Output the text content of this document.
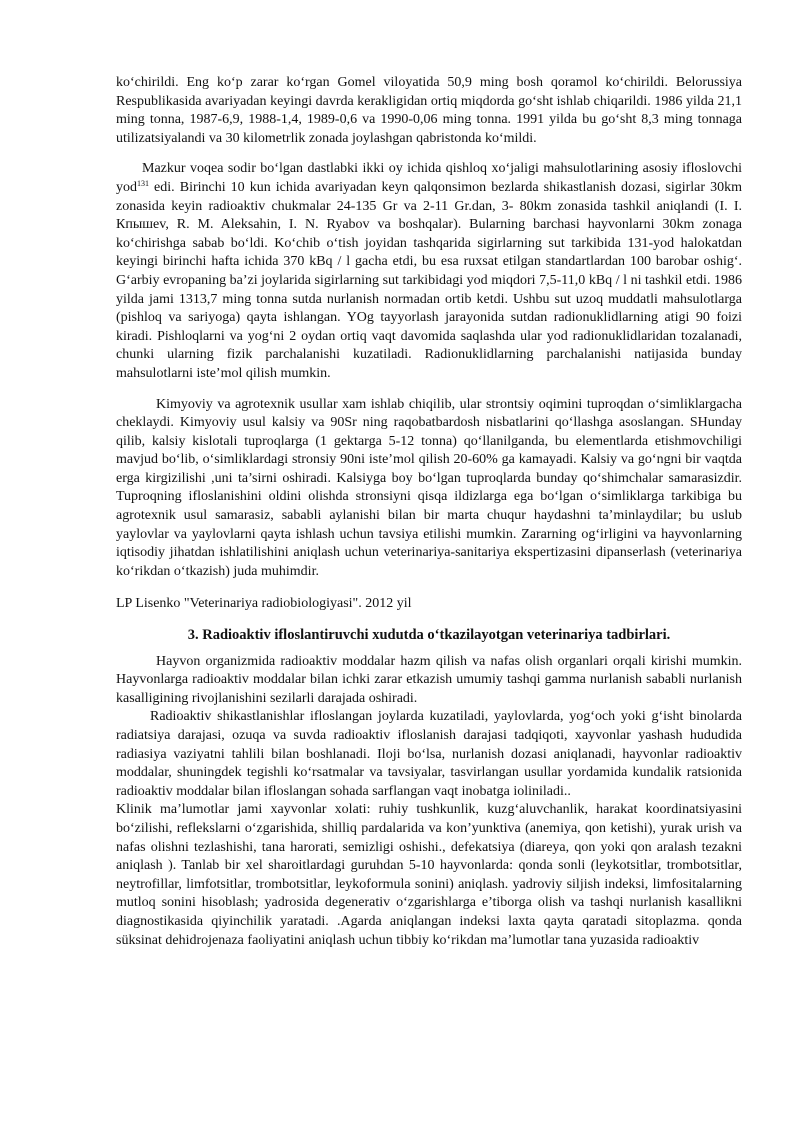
ko‘chirildi. Eng ko‘p zarar ko‘rgan Gomel viloyatida 50,9 ming bosh qoramol ko‘chirildi. Belorussiya Respublikasida avariyadan keyingi davrda kerakligidan ortiq miqdorda go‘sht ishlab chiqarildi. 1986 yilda 21,1 ming tonna, 1987-6,9, 1988-1,4, 1989-0,6 va 1990-0,06 ming tonna. 1991 yilda bu go‘sht 8,3 ming tonnaga utilizatsiyalandi va 30 kilometrlik zonada joylashgan qabristonda ko‘mildi.

Mazkur voqea sodir bo‘lgan dastlabki ikki oy ichida qishloq xo‘jaligi mahsulotlarining asosiy ifloslovchi yod$^{131}$ edi. Birinchi 10 kun ichida avariyadan keyn qalqonsimon bezlarda shikastlanish dozasi, sigirlar 30km zonasida keyin radioaktiv chukmalar 24-135 Gr va 2-11 Gr.dan, 3- 80km zonasida tashkil aniqlandi (I. I. Кпышev, R. M. Aleksahin, I. N. Ryabov va boshqalar). Bularning barchasi hayvonlarni 30km zonaga ko‘chirishga sabab bo‘ldi. Ko‘chib o‘tish joyidan tashqarida sigirlarning sut tarkibida 131-yod halokatdan keyingi birinchi hafta ichida 370 kBq / l gacha etdi, bu esa ruxsat etilgan standartlardan 100 barobar oshig‘. G‘arbiy evropaning ba’zi joylarida sigirlarning sut tarkibidagi yod miqdori 7,5-11,0 kBq / l ni tashkil etdi. 1986 yilda jami 1313,7 ming tonna sutda nurlanish normadan ortib ketdi. Ushbu sut uzoq muddatli mahsulotlarga (pishloq va sariyoga) qayta ishlangan. YOg tayyorlash jarayonida sutdan radionuklidlarning atigi 90 foizi kiradi. Pishloqlarni va yog‘ni 2 oydan ortiq vaqt davomida saqlashda ular yod radionuklidlaridan tozalanadi, chunki ularning fizik parchalanishi kuzatiladi. Radionuklidlarning parchalanishi natijasida bunday mahsulotlarni iste’mol qilish mumkin.

Kimyoviy va agrotexnik usullar xam ishlab chiqilib, ular strontsiy oqimini tuproqdan o‘simliklargacha cheklaydi. Kimyoviy usul kalsiy va 90Sr ning raqobatbardosh nisbatlarini qo‘llashga asoslangan. SHunday qilib, kalsiy kislotali tuproqlarga (1 gektarga 5-12 tonna) qo‘llanilganda, bu elementlarda etishmovchiligi mavjud bo‘lib, o‘simliklardagi stronsiy 90ni iste’mol qilish 20-60% ga kamayadi. Kalsiy va go‘ngni bir vaqtda erga kirgizilishi ,uni ta’sirni oshiradi. Kalsiyga boy bo‘lgan tuproqlarda bunday qo‘shimchalar samarasizdir. Tuproqning ifloslanishini oldini olishda stronsiyni qisqa ildizlarga ega bo‘lgan o‘simliklarga tarkibiga bu agrotexnik usul samarasiz, sababli aylanishi bilan bir marta chuqur haydashni ta’minlaydilar; bu uslub yaylovlar va yaylovlarni qayta ishlash uchun tavsiya etilishi mumkin. Zararning og‘irligini va hayvonlarning iqtisodiy jihatdan ishlatilishini aniqlash uchun veterinariya-sanitariya ekspertizasini dipanserlash (veterinariya ko‘rikdan o‘tkazish) juda muhimdir.

LP Lisenko "Veterinariya radiobiologiyasi". 2012 yil

3. Radioaktiv ifloslantiruvchi xudutda o‘tkazilayotgan veterinariya tadbirlari.

Hayvon organizmida radioaktiv moddalar hazm qilish va nafas olish organlari orqali kirishi mumkin. Hayvonlarga radioaktiv moddalar bilan ichki zarar etkazish umumiy tashqi gamma nurlanish sababli nurlanish kasalligining rivojlanishini sezilarli darajada oshiradi.

Radioaktiv shikastlanishlar ifloslangan joylarda kuzatiladi, yaylovlarda, yog‘och yoki g‘isht binolarda radiatsiya darajasi, ozuqa va suvda radioaktiv ifloslanish darajasi tadqiqoti, xayvonlar yashash hududida radiasiya vaziyatni tahlili bilan boshlanadi. Iloji bo‘lsa, nurlanish dozasi aniqlanadi, hayvonlar radioaktiv moddalar, shuningdek tegishli ko‘rsatmalar va tavsiyalar, tasvirlangan usullar yordamida kundalik ratsionida radioaktiv moddalar bilan ifloslangan sohada sarflangan vaqt inobatga ioliniladі..

Klinik ma’lumotlar jami xayvonlar xolati: ruhiy tushkunlik, kuzg‘aluvchanlik, harakat koordinatsiyasini bo‘zilishi, reflekslarni o‘zgarishida, shilliq pardalarida va kon’yunktiva (anemiya, qon ketishi), yurak urish va nafas olishni tezlashishi, tana harorati, semizligi oshishi., defekatsiya (diareya, qon yoki qon aralash tezakni aniqlash ). Tanlab bir xel sharoitlardagi guruhdan 5-10 hayvonlarda: qonda sonli (leykotsitlar, trombotsitlar, neytrofillar, limfotsitlar, trombotsitlar, leykoformula sonini) aniqlash. yadroviy siljish indeksi, limfositalarning mutloq sonini hisoblash; yadrosida degenerativ o‘zgarishlarga e’tiborga olish va tashqi nurlanish kasallikni diagnostikasida qiyinchilik yaratadi. .Agarda aniqlangan indeksi laxta qayta qaratadi sitoplazma. qonda süksinat dehidrojenaza faoliyatini aniqlash uchun tibbiy ko‘rikdan ma’lumotlar tana yuzasida radioaktiv
